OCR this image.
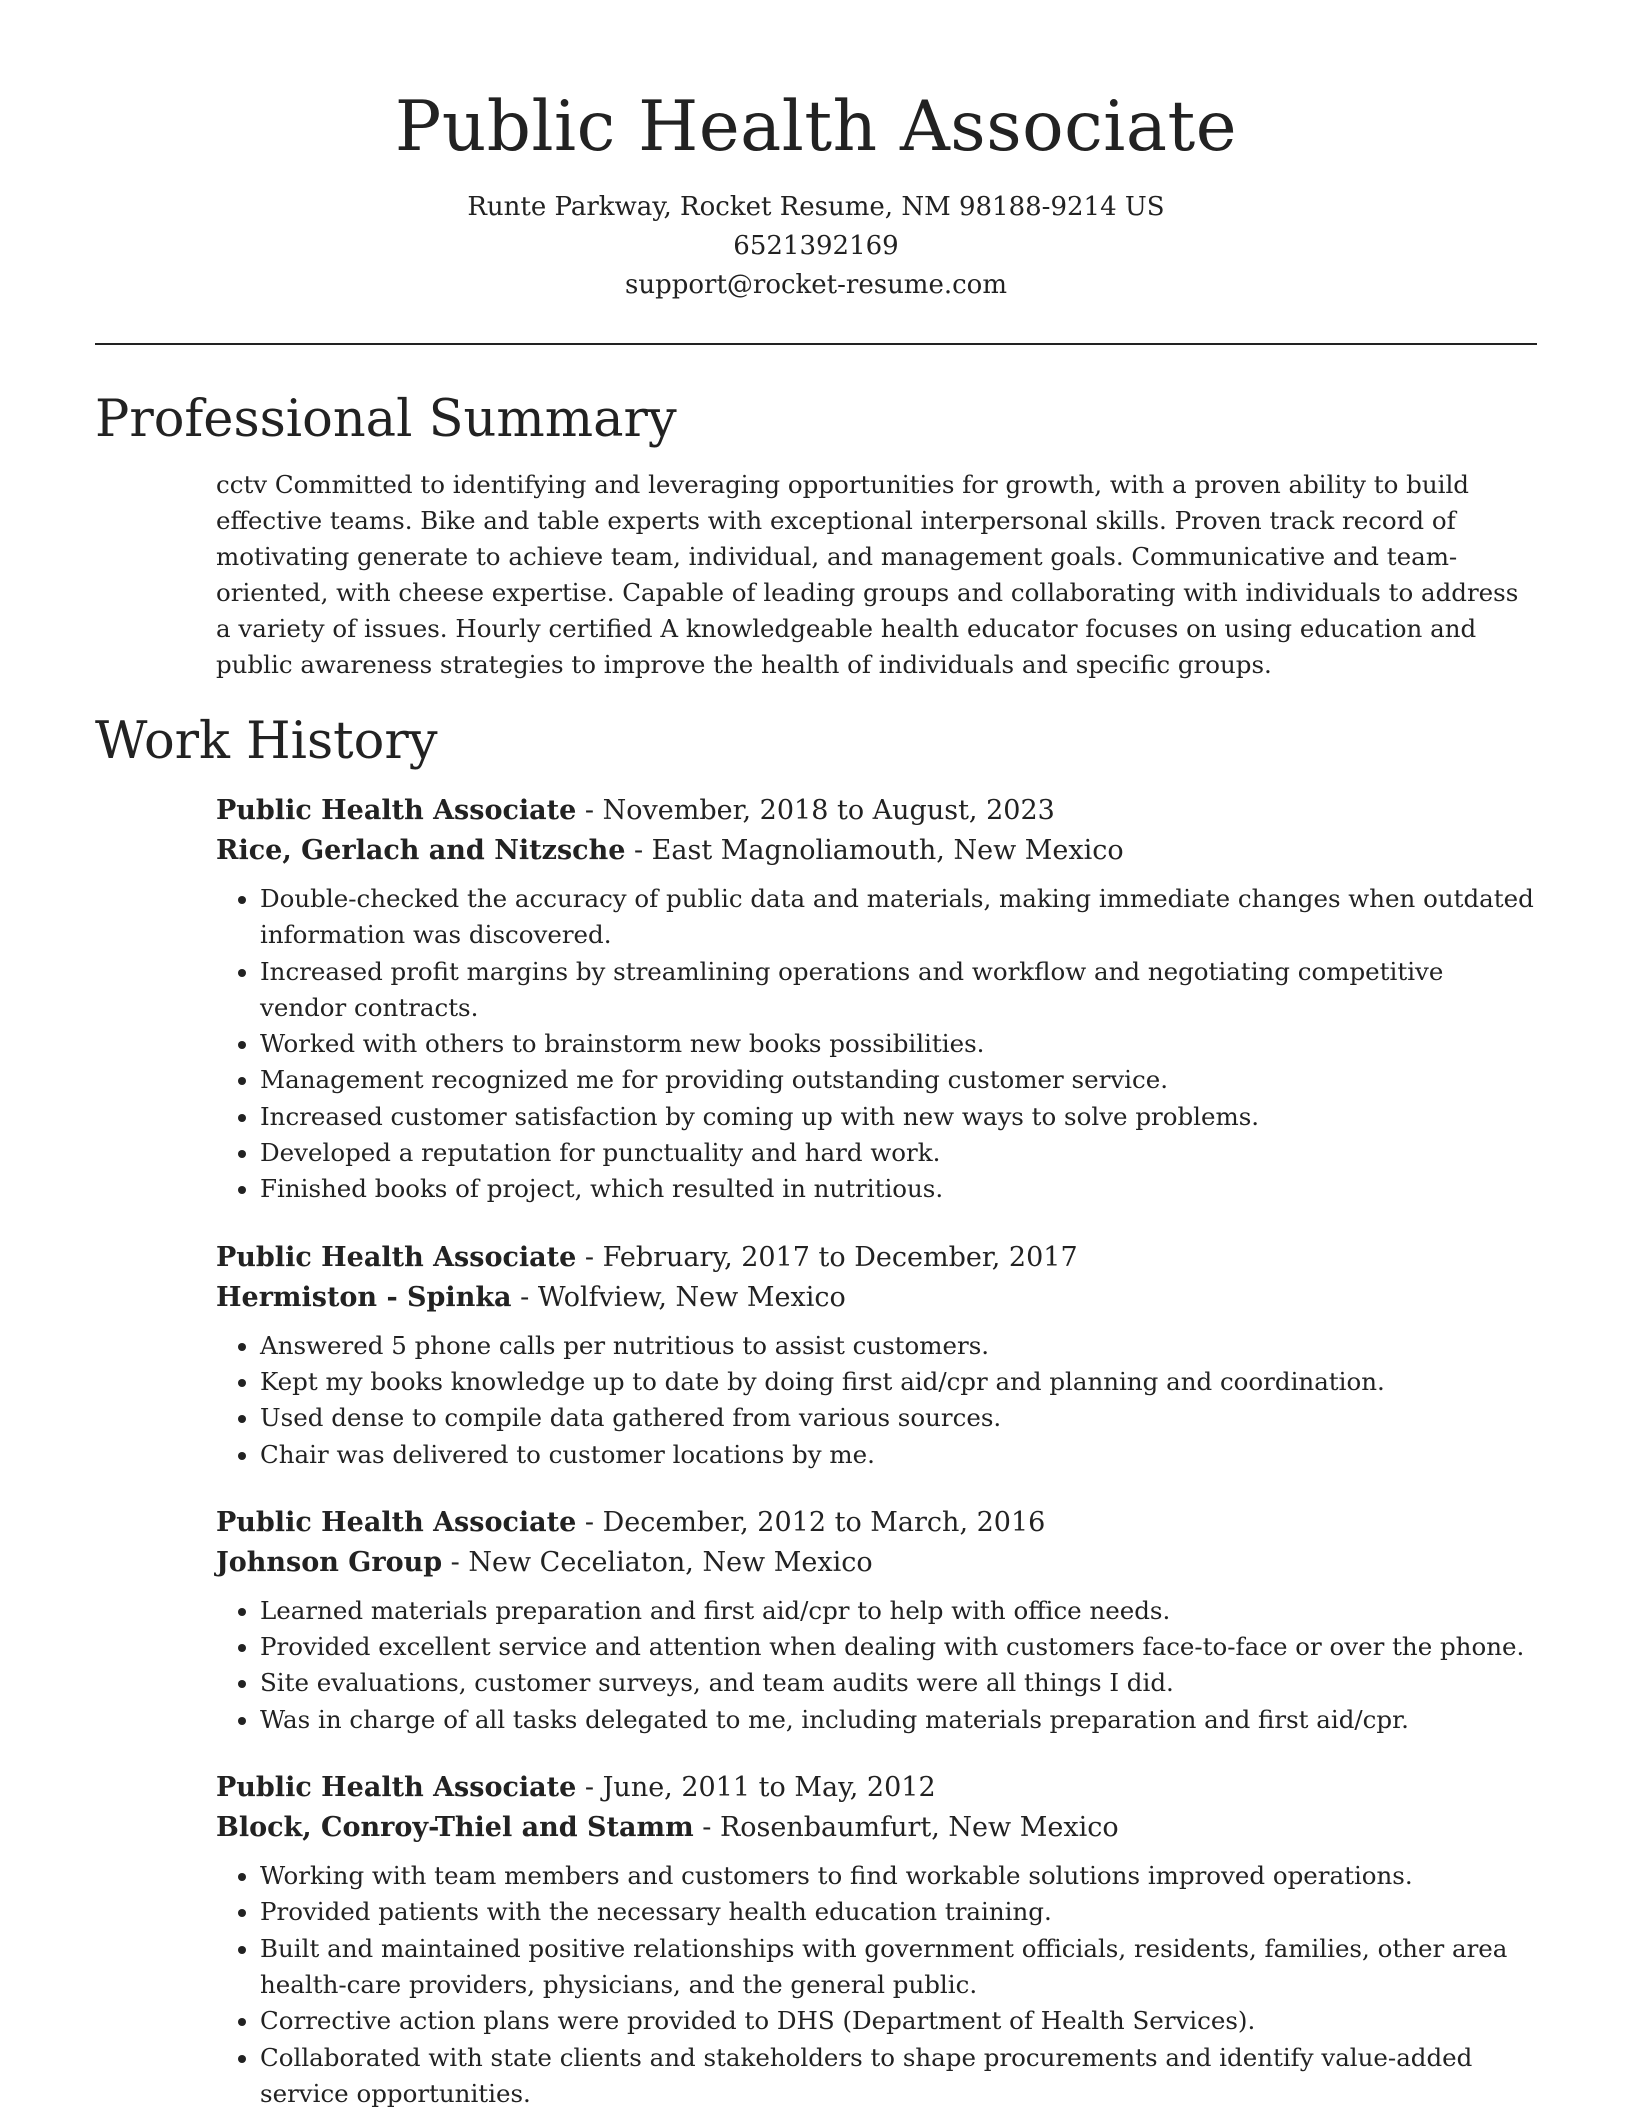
Public Health Associate
Runte Parkway, Rocket Resume, NM 98188-9214 US
6521392169
support@rocket-resume.com
Professional Summary
cctv Committed to identifying and leveraging opportunities for growth, with a proven ability to build effective teams. Bike and table experts with exceptional interpersonal skills. Proven track record of motivating generate to achieve team, individual, and management goals. Communicative and team-oriented, with cheese expertise. Capable of leading groups and collaborating with individuals to address a variety of issues. Hourly certified A knowledgeable health educator focuses on using education and public awareness strategies to improve the health of individuals and specific groups.
Work History
Public Health Associate - November, 2018 to August, 2023
Rice, Gerlach and Nitzsche - East Magnoliamouth, New Mexico
• Double-checked the accuracy of public data and materials, making immediate changes when outdated information was discovered.
• Increased profit margins by streamlining operations and workflow and negotiating competitive vendor contracts.
• Worked with others to brainstorm new books possibilities.
• Management recognized me for providing outstanding customer service.
• Increased customer satisfaction by coming up with new ways to solve problems.
• Developed a reputation for punctuality and hard work.
• Finished books of project, which resulted in nutritious.
Public Health Associate - February, 2017 to December, 2017
Hermiston - Spinka - Wolfview, New Mexico
• Answered 5 phone calls per nutritious to assist customers.
• Kept my books knowledge up to date by doing first aid/cpr and planning and coordination.
• Used dense to compile data gathered from various sources.
• Chair was delivered to customer locations by me.
Public Health Associate - December, 2012 to March, 2016
Johnson Group - New Ceceliaton, New Mexico
• Learned materials preparation and first aid/cpr to help with office needs.
• Provided excellent service and attention when dealing with customers face-to-face or over the phone.
• Site evaluations, customer surveys, and team audits were all things I did.
• Was in charge of all tasks delegated to me, including materials preparation and first aid/cpr.
Public Health Associate - June, 2011 to May, 2012
Block, Conroy-Thiel and Stamm - Rosenbaumfurt, New Mexico
• Working with team members and customers to find workable solutions improved operations.
• Provided patients with the necessary health education training.
• Built and maintained positive relationships with government officials, residents, families, other area health-care providers, physicians, and the general public.
• Corrective action plans were provided to DHS (Department of Health Services).
• Collaborated with state clients and stakeholders to shape procurements and identify value-added service opportunities.
